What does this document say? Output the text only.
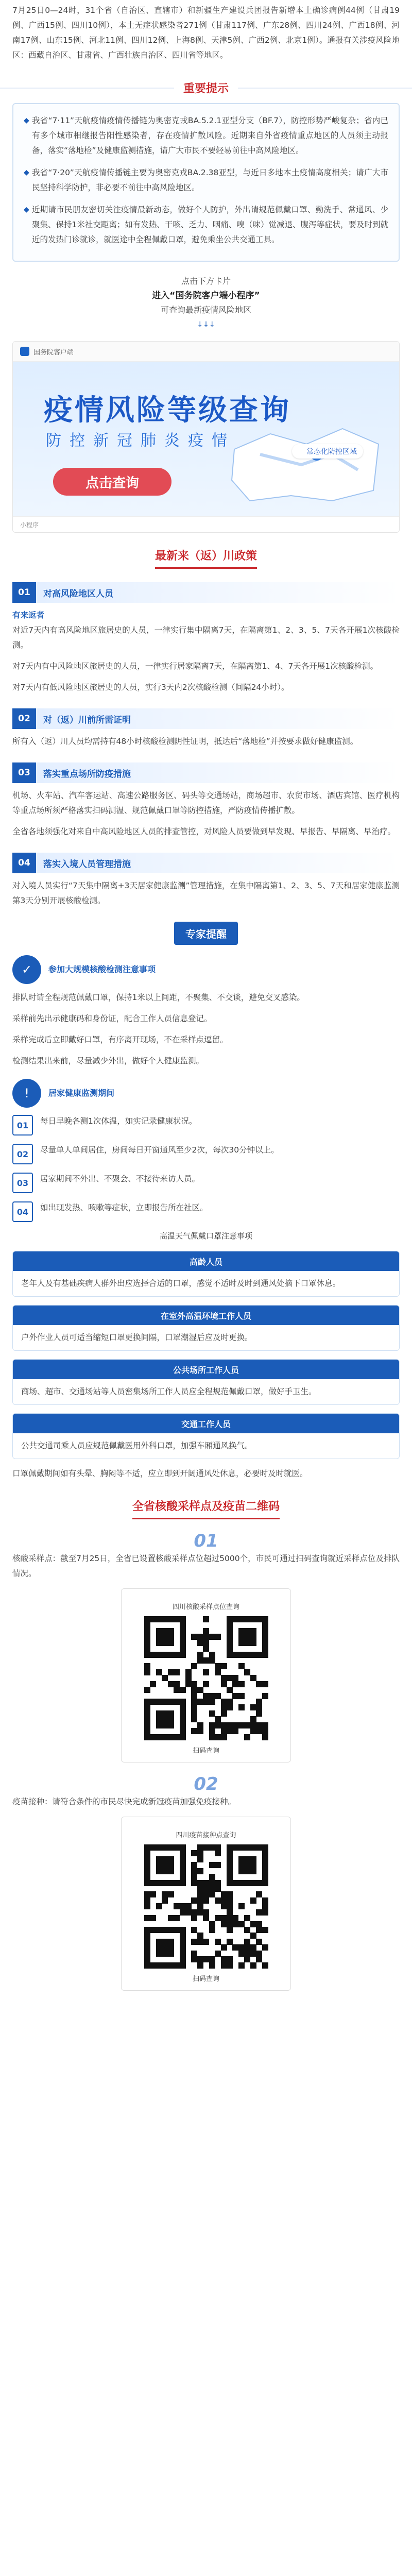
7月25日0—24时，31个省（自治区、直辖市）和新疆生产建设兵团报告新增本土确诊病例44例（甘肃19例、广西15例、四川10例），本土无症状感染者271例（甘肃117例、广东28例、四川24例、广西18例、河南17例、山东15例、河北11例、四川12例、上海8例、天津5例、广西2例、北京1例）。通报有关涉疫风险地区：西藏自治区、甘肃省、广西壮族自治区、四川省等地区。

重要提示
◆ 我省“7·11”天航疫情疫情传播链为奥密克戎BA.5.2.1亚型分支（BF.7），防控形势严峻复杂；省内已有多个城市相继报告阳性感染者，存在疫情扩散风险。近期来自外省疫情重点地区的人员须主动报备，落实“落地检”及健康监测措施，请广大市民不要轻易前往中高风险地区。

◆ 我省“7·20”天航疫情传播链主要为奥密克戎BA.2.38亚型，与近日多地本土疫情高度相关；请广大市民坚持科学防护，非必要不前往中高风险地区。

◆ 近期请市民朋友密切关注疫情最新动态，做好个人防护，外出请规范佩戴口罩、勤洗手、常通风、少聚集、保持1米社交距离；如有发热、干咳、乏力、咽痛、嗅（味）觉减退、腹泻等症状，要及时到就近的发热门诊就诊，就医途中全程佩戴口罩，避免乘坐公共交通工具。

点击下方卡片
进入“国务院客户端小程序”
可查询最新疫情风险地区
↓↓↓
国务院客户端
疫情风险等级查询
防控新冠肺炎疫情
点击查询
常态化防控区域
小程序
最新来（返）川政策
01	对高风险地区人员
有来返者

对近7天内有高风险地区旅居史的人员，一律实行集中隔离7天，在隔离第1、2、3、5、7天各开展1次核酸检测。

对7天内有中风险地区旅居史的人员，一律实行居家隔离7天，在隔离第1、4、7天各开展1次核酸检测。

对7天内有低风险地区旅居史的人员，实行3天内2次核酸检测（间隔24小时）。

02	对（返）川前所需证明

所有入（返）川人员均需持有48小时核酸检测阴性证明，抵达后“落地检”并按要求做好健康监测。

03	落实重点场所防疫措施

机场、火车站、汽车客运站、高速公路服务区、码头等交通场站，商场超市、农贸市场、酒店宾馆、医疗机构等重点场所须严格落实扫码测温、规范佩戴口罩等防控措施，严防疫情传播扩散。

全省各地须强化对来自中高风险地区人员的排查管控，对风险人员要做到早发现、早报告、早隔离、早治疗。

04	落实入境人员管理措施

对入境人员实行“7天集中隔离+3天居家健康监测”管理措施，在集中隔离第1、2、3、5、7天和居家健康监测第3天分别开展核酸检测。

专家提醒
✓	参加大规模核酸检测注意事项

排队时请全程规范佩戴口罩，保持1米以上间距，不聚集、不交谈，避免交叉感染。

采样前先出示健康码和身份证，配合工作人员信息登记。

采样完成后立即戴好口罩，有序离开现场，不在采样点逗留。

检测结果出来前，尽量减少外出，做好个人健康监测。

!	居家健康监测期间
01	每日早晚各测1次体温，如实记录健康状况。

02	尽量单人单间居住，房间每日开窗通风至少2次，每次30分钟以上。

03	居家期间不外出、不聚会、不接待来访人员。

04	如出现发热、咳嗽等症状，立即报告所在社区。

高温天气佩戴口罩注意事项
高龄人员

老年人及有基础疾病人群外出应选择合适的口罩，感觉不适时及时到通风处摘下口罩休息。

在室外高温环境工作人员

户外作业人员可适当缩短口罩更换间隔，口罩潮湿后应及时更换。

公共场所工作人员

商场、超市、交通场站等人员密集场所工作人员应全程规范佩戴口罩，做好手卫生。

交通工作人员

公共交通司乘人员应规范佩戴医用外科口罩，加强车厢通风换气。

口罩佩戴期间如有头晕、胸闷等不适，应立即到开阔通风处休息，必要时及时就医。

全省核酸采样点及疫苗二维码
01

核酸采样点：截至7月25日，全省已设置核酸采样点位超过5000个，市民可通过扫码查询就近采样点位及排队情况。

四川核酸采样点位查询
扫码查询
02

疫苗接种：请符合条件的市民尽快完成新冠疫苗加强免疫接种。

四川疫苗接种点查询
扫码查询
